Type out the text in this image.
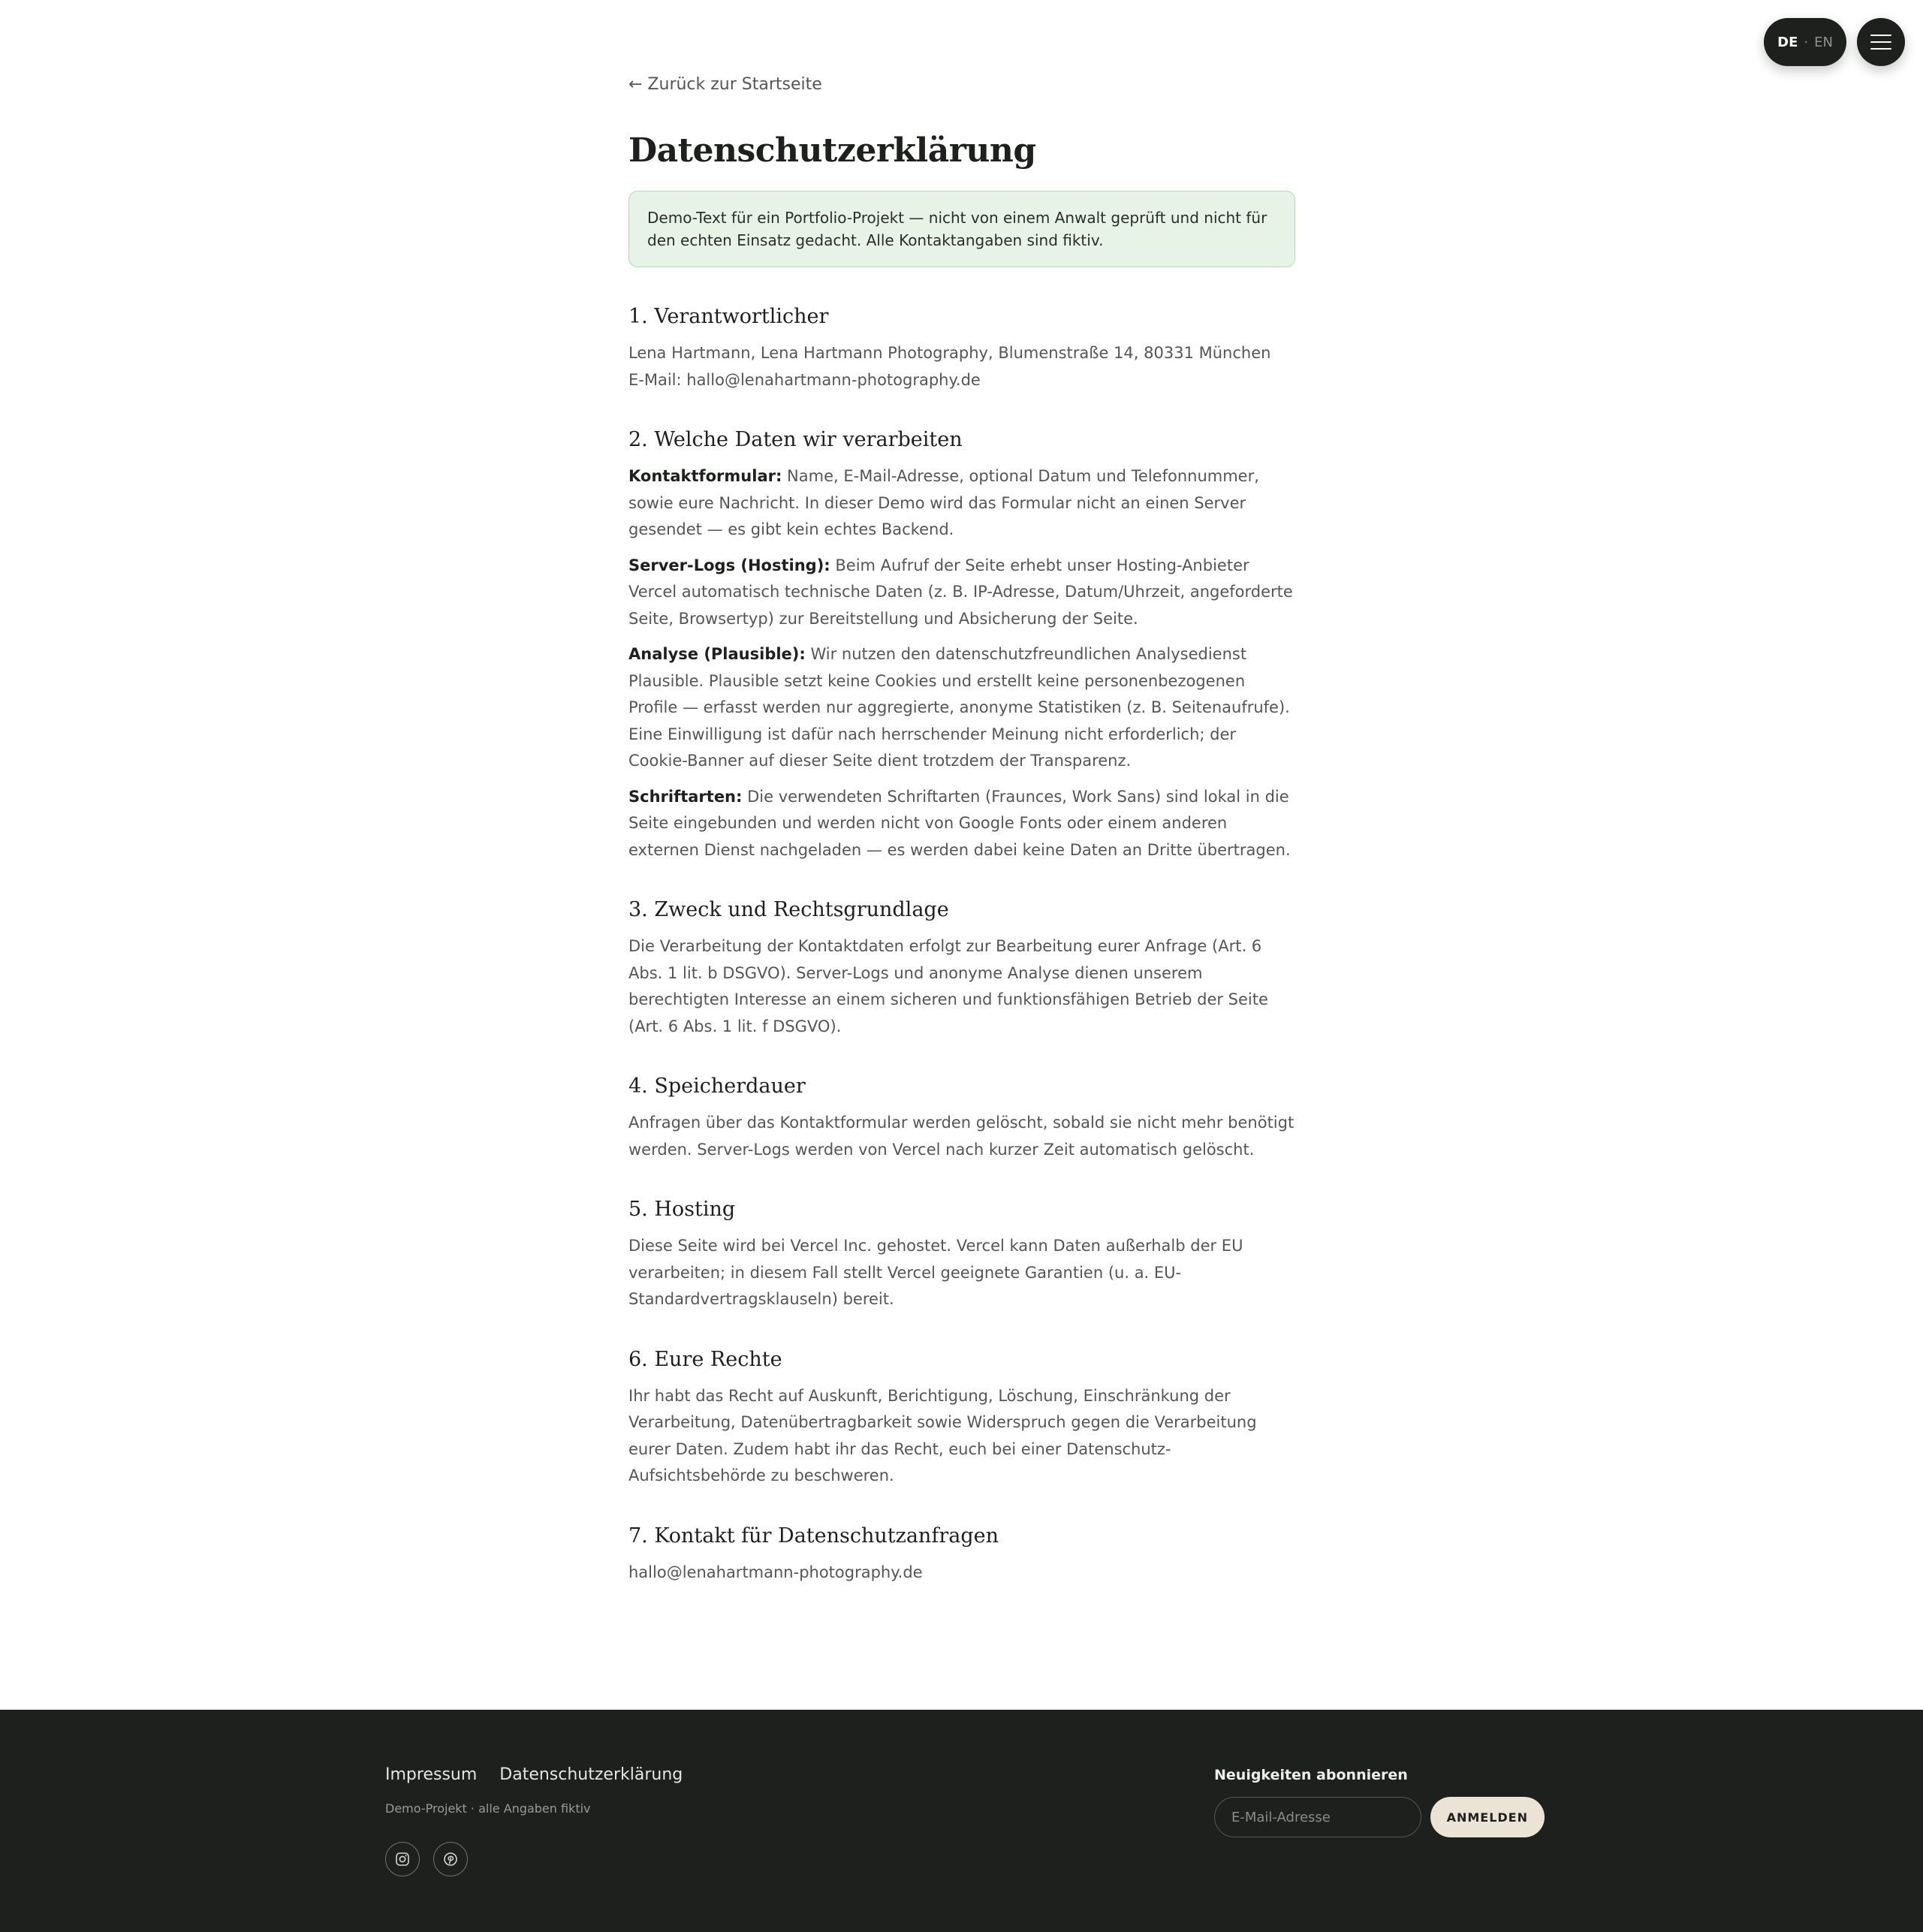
DE · EN
← Zurück zur Startseite
Datenschutzerklärung
Demo-Text für ein Portfolio-Projekt — nicht von einem Anwalt geprüft und nicht für den echten Einsatz gedacht. Alle Kontaktangaben sind fiktiv.
1. Verantwortlicher

Lena Hartmann, Lena Hartmann Photography, Blumenstraße 14, 80331 München
E-Mail: hallo@lenahartmann-photography.de

2. Welche Daten wir verarbeiten

Kontaktformular: Name, E-Mail-Adresse, optional Datum und Telefonnummer, sowie eure Nachricht. In dieser Demo wird das Formular nicht an einen Server gesendet — es gibt kein echtes Backend.

Server-Logs (Hosting): Beim Aufruf der Seite erhebt unser Hosting-Anbieter Vercel automatisch technische Daten (z. B. IP-Adresse, Datum/Uhrzeit, angeforderte Seite, Browsertyp) zur Bereitstellung und Absicherung der Seite.

Analyse (Plausible): Wir nutzen den datenschutzfreundlichen Analysedienst Plausible. Plausible setzt keine Cookies und erstellt keine personenbezogenen Profile — erfasst werden nur aggregierte, anonyme Statistiken (z. B. Seitenaufrufe). Eine Einwilligung ist dafür nach herrschender Meinung nicht erforderlich; der Cookie-Banner auf dieser Seite dient trotzdem der Transparenz.

Schriftarten: Die verwendeten Schriftarten (Fraunces, Work Sans) sind lokal in die Seite eingebunden und werden nicht von Google Fonts oder einem anderen externen Dienst nachgeladen — es werden dabei keine Daten an Dritte übertragen.

3. Zweck und Rechtsgrundlage

Die Verarbeitung der Kontaktdaten erfolgt zur Bearbeitung eurer Anfrage (Art. 6 Abs. 1 lit. b DSGVO). Server-Logs und anonyme Analyse dienen unserem berechtigten Interesse an einem sicheren und funktionsfähigen Betrieb der Seite (Art. 6 Abs. 1 lit. f DSGVO).

4. Speicherdauer

Anfragen über das Kontaktformular werden gelöscht, sobald sie nicht mehr benötigt werden. Server-Logs werden von Vercel nach kurzer Zeit automatisch gelöscht.

5. Hosting

Diese Seite wird bei Vercel Inc. gehostet. Vercel kann Daten außerhalb der EU verarbeiten; in diesem Fall stellt Vercel geeignete Garantien (u. a. EU-Standardvertragsklauseln) bereit.

6. Eure Rechte

Ihr habt das Recht auf Auskunft, Berichtigung, Löschung, Einschränkung der Verarbeitung, Datenübertragbarkeit sowie Widerspruch gegen die Verarbeitung eurer Daten. Zudem habt ihr das Recht, euch bei einer Datenschutz-Aufsichtsbehörde zu beschweren.

7. Kontakt für Datenschutzanfragen

hallo@lenahartmann-photography.de

Impressum Datenschutzerklärung
Demo-Projekt · alle Angaben fiktiv
Neuigkeiten abonnieren
E-Mail-Adresse
ANMELDEN
